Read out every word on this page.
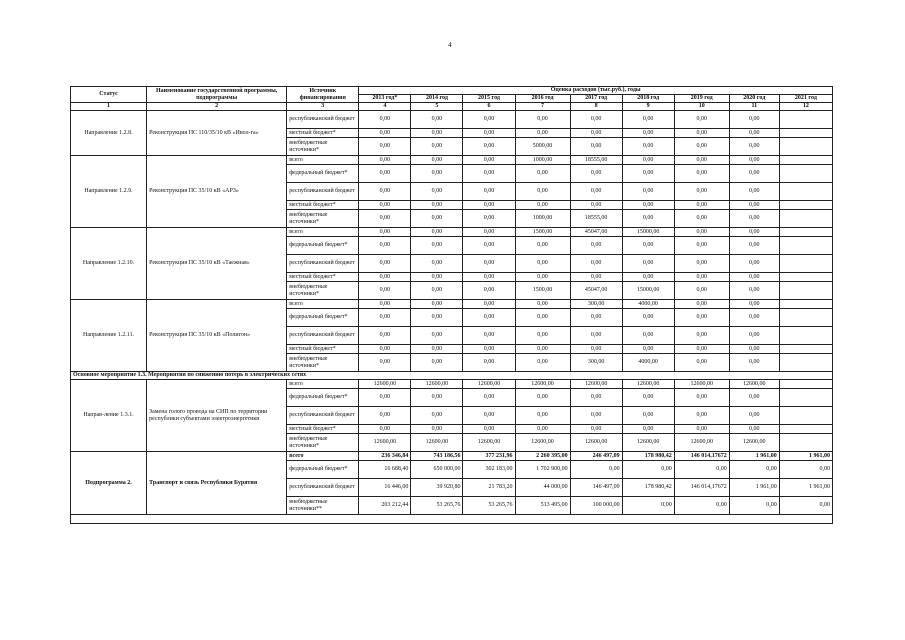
4
Статус	Наименование государственной программы, подпрограммы	Источник финансирования	Оценка расходов (тыс.руб.), годы								
			2013 год*	2014 год	2015 год	2016 год	2017 год	2018 год	2019 год	2020 год	2021 год
1	2	3	4	5	6	7	8	9	10	11	12
Направление 1.2.8.	Реконструкция ПС 110/35/10 кВ «Ивол-га»	республиканский бюджет	0,00	0,00	0,00	0,00	0,00	0,00	0,00	0,00	
		местный бюджет*	0,00	0,00	0,00	0,00	0,00	0,00	0,00	0,00	
		внебюджетные источники*	0,00	0,00	0,00	5000,00	0,00	0,00	0,00	0,00	
Направление 1.2.9.	Реконструкция ПС 35/10 кВ «АРЗ»	всего	0,00	0,00	0,00	1000,00	18555,00	0,00	0,00	0,00	
		федеральный бюджет*	0,00	0,00	0,00	0,00	0,00	0,00	0,00	0,00	
		республиканский бюджет	0,00	0,00	0,00	0,00	0,00	0,00	0,00	0,00	
		местный бюджет*	0,00	0,00	0,00	0,00	0,00	0,00	0,00	0,00	
		внебюджетные источники*	0,00	0,00	0,00	1000,00	18555,00	0,00	0,00	0,00	
Направление 1.2.10.	Реконструкция ПС 35/10 кВ «Таежная»	всего	0,00	0,00	0,00	1500,00	45047,00	15000,00	0,00	0,00	
		федеральный бюджет*	0,00	0,00	0,00	0,00	0,00	0,00	0,00	0,00	
		республиканский бюджет	0,00	0,00	0,00	0,00	0,00	0,00	0,00	0,00	
		местный бюджет*	0,00	0,00	0,00	0,00	0,00	0,00	0,00	0,00	
		внебюджетные источники*	0,00	0,00	0,00	1500,00	45047,00	15000,00	0,00	0,00	
Направление 1.2.11.	Реконструкция ПС 35/10 кВ «Полигон»	всего	0,00	0,00	0,00	0,00	300,00	4000,00	0,00	0,00	
		федеральный бюджет*	0,00	0,00	0,00	0,00	0,00	0,00	0,00	0,00	
		республиканский бюджет	0,00	0,00	0,00	0,00	0,00	0,00	0,00	0,00	
		местный бюджет*	0,00	0,00	0,00	0,00	0,00	0,00	0,00	0,00	
		внебюджетные источники*	0,00	0,00	0,00	0,00	300,00	4000,00	0,00	0,00	
Основное мероприятие 1.3. Мероприятия по снижению потерь в электрических сетях											
Направ-ление 1.3.1.	Замена голого провода на СИП по территории республики субъектами электроэнергетики	всего	12600,00	12600,00	12600,00	12600,00	12600,00	12600,00	12600,00	12600,00	
		федеральный бюджет*	0,00	0,00	0,00	0,00	0,00	0,00	0,00	0,00	
		республиканский бюджет	0,00	0,00	0,00	0,00	0,00	0,00	0,00	0,00	
		местный бюджет*	0,00	0,00	0,00	0,00	0,00	0,00	0,00	0,00	
		внебюджетные источники*	12600,00	12600,00	12600,00	12600,00	12600,00	12600,00	12600,00	12600,00	
Подпрограмма 2.	Транспорт и связь Республики Бурятия	всего	236 346,84	743 186,56	377 231,96	2 260 395,00	246 497,09	178 980,42	146 014,17672	1 961,00	1 961,00
		федеральный бюджет*	16 688,40	650 000,00	302 183,00	1 702 900,00	0,00	0,00	0,00	0,00	0,00
		республиканский бюджет	16 446,00	39 920,80	21 783,20	44 000,00	146 497,09	178 980,42	146 014,17672	1 961,00	1 961,00
		внебюджетные источники**	203 212,44	53 265,76	53 265,76	513 495,00	100 000,00	0,00	0,00	0,00	0,00
